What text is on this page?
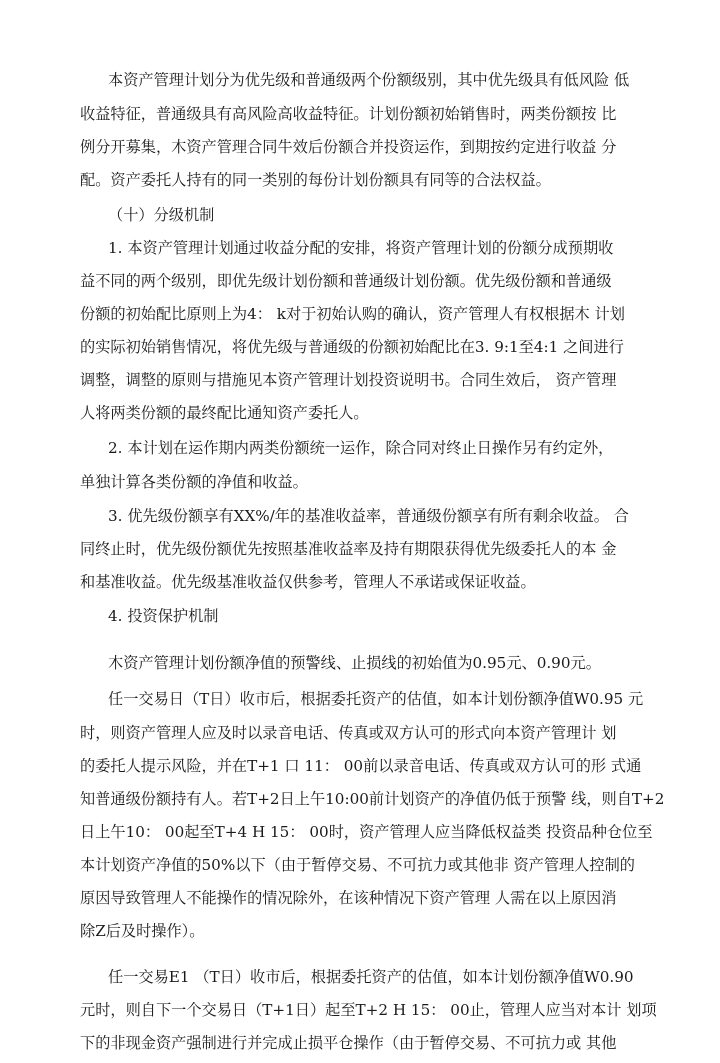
本资产管理计划分为优先级和普通级两个份额级别，其中优先级具有低风险 低
收益特征，普通级具有高风险高收益特征。计划份额初始销售时，两类份额按 比
例分开募集，木资产管理合同牛效后份额合并投资运作，到期按约定进行收益 分
配。资产委托人持有的同一类别的每份计划份额具有同等的合法权益。
（十）分级机制
1. 本资产管理计划通过收益分配的安排，将资产管理计划的份额分成预期收
益不同的两个级别，即优先级计划份额和普通级计划份额。优先级份额和普通级
份额的初始配比原则上为4： k对于初始认购的确认，资产管理人有权根据木 计划
的实际初始销售情况，将优先级与普通级的份额初始配比在3. 9:1至4:1 之间进行
调整，调整的原则与措施见本资产管理计划投资说明书。合同生效后， 资产管理
人将两类份额的最终配比通知资产委托人。
2. 本计划在运作期内两类份额统一运作，除合同对终止日操作另有约定外，
单独计算各类份额的净值和收益。
3. 优先级份额享有XX%/年的基准收益率，普通级份额享有所有剩余收益。 合
同终止时，优先级份额优先按照基准收益率及持有期限获得优先级委托人的本 金
和基准收益。优先级基准收益仅供参考，管理人不承诺或保证收益。
4. 投资保护机制
木资产管理计划份额净值的预警线、止损线的初始值为0.95元、0.90元。
任一交易日（T日）收市后，根据委托资产的估值，如本计划份额净值W0.95 元
时，则资产管理人应及时以录音电话、传真或双方认可的形式向本资产管理计 划
的委托人提示风险，并在T+1 口 11： 00前以录音电话、传真或双方认可的形 式通
知普通级份额持有人。若T+2日上午10:00前计划资产的净值仍低于预警 线，则自T+2
日上午10： 00起至T+4 H 15： 00时，资产管理人应当降低权益类 投资品种仓位至
本计划资产净值的50%以下（由于暂停交易、不可抗力或其他非 资产管理人控制的
原因导致管理人不能操作的情况除外，在该种情况下资产管理 人需在以上原因消
除Z后及时操作）。
任一交易E1 （T日）收市后，根据委托资产的估值，如本计划份额净值W0.90
元时，则自下一个交易日（T+1日）起至T+2 H 15： 00止，管理人应当对本计 划项
下的非现金资产强制进行并完成止损平仓操作（由于暂停交易、不可抗力或 其他
